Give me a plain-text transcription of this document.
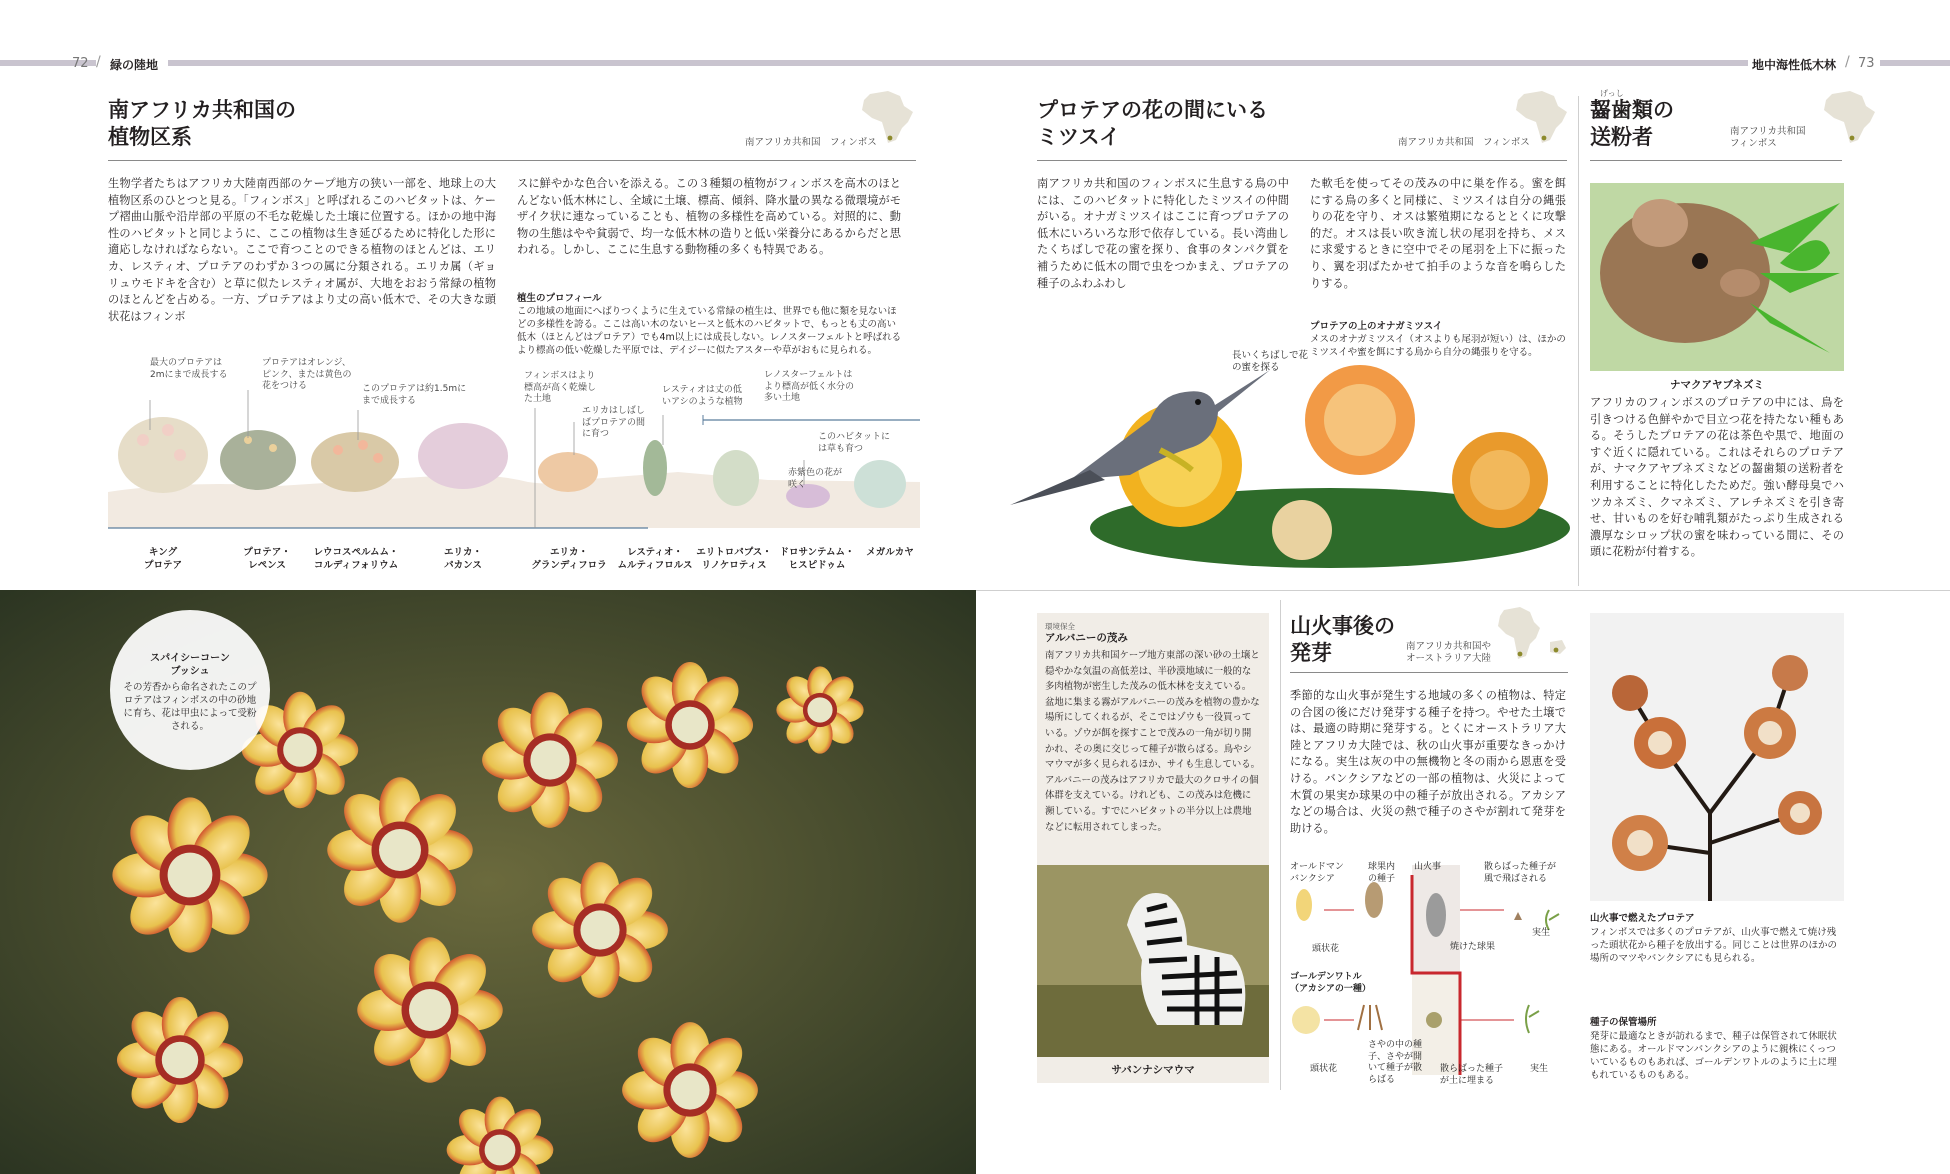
72 / 緑の陸地	地中海性低木林 / 73
南アフリカ共和国の
植物区系	南アフリカ共和国　フィンボス
生物学者たちはアフリカ大陸南西部のケープ地方の狭い一部を、地球上の大植物区系のひとつと見る。「フィンボス」と呼ばれるこのハビタットは、ケープ褶曲山脈や沿岸部の平原の不毛な乾燥した土壌に位置する。ほかの地中海性のハビタットと同じように、ここの植物は生き延びるために特化した形に適応しなければならない。ここで育つことのできる植物のほとんどは、エリカ、レスティオ、プロテアのわずか３つの属に分類される。エリカ属（ギョリュウモドキを含む）と草に似たレスティオ属が、大地をおおう常緑の植物のほとんどを占める。一方、プロテアはより丈の高い低木で、その大きな頭状花はフィンボ
スに鮮やかな色合いを添える。この３種類の植物がフィンボスを高木のほとんどない低木林にし、全域に土壌、標高、傾斜、降水量の異なる微環境がモザイク状に連なっていることも、植物の多様性を高めている。対照的に、動物の生態はやや貧弱で、均一な低木林の造りと低い栄養分にあるからだと思われる。しかし、ここに生息する動物種の多くも特異である。
植生のプロフィール
この地域の地面にへばりつくように生えている常緑の植生は、世界でも他に類を見ないほどの多様性を誇る。ここは高い木のないヒースと低木のハビタットで、もっとも丈の高い低木（ほとんどはプロテア）でも4m以上には成長しない。レノスターフェルトと呼ばれるより標高の低い乾燥した平原では、デイジーに似たアスターや草がおもに見られる。
最大のプロテアは2mにまで成長する
プロテアはオレンジ、ピンク、または黄色の花をつける	このプロテアは約1.5mにまで成長する
フィンボスはより標高が高く乾燥した土地
エリカはしばしばプロテアの間に育つ
レスティオは丈の低いアシのような植物
レノスターフェルトはより標高が低く水分の多い土地
このハビタットには草も育つ
赤紫色の花が咲く
キング
プロテア
プロテア・
レペンス
レウコスペルムム・
コルディフォリウム
エリカ・
パカンス
エリカ・
グランディフロラ
レスティオ・
ムルティフロルス
エリトロパプス・
リノケロティス
ドロサンテムム・
ヒスピドゥム
メガルカヤ
スパイシーコーン
ブッシュ
その芳香から命名されたこのプロテアはフィンボスの中の砂地に育ち、花は甲虫によって受粉される。
プロテアの花の間にいる
ミツスイ	南アフリカ共和国　フィンボス
南アフリカ共和国のフィンボスに生息する鳥の中には、このハビタットに特化したミツスイの仲間がいる。オナガミツスイはここに育つプロテアの低木にいろいろな形で依存している。長い湾曲したくちばしで花の蜜を探り、食事のタンパク質を補うために低木の間で虫をつかまえ、プロテアの種子のふわふわし
た軟毛を使ってその茂みの中に巣を作る。蜜を餌にする鳥の多くと同様に、ミツスイは自分の縄張りの花を守り、オスは繁殖期になるととくに攻撃的だ。オスは長い吹き流し状の尾羽を持ち、メスに求愛するときに空中でその尾羽を上下に振ったり、翼を羽ばたかせて拍手のような音を鳴らしたりする。
長いくちばしで花の蜜を探る
プロテアの上のオナガミツスイ
メスのオナガミツスイ（オスよりも尾羽が短い）は、ほかのミツスイや蜜を餌にする鳥から自分の縄張りを守る。
げっし
齧歯類の
送粉者	南アフリカ共和国
フィンボス
ナマクアヤブネズミ
アフリカのフィンボスのプロテアの中には、鳥を引きつける色鮮やかで目立つ花を持たない種もある。そうしたプロテアの花は茶色や黒で、地面のすぐ近くに隠れている。これはそれらのプロテアが、ナマクアヤブネズミなどの齧歯類の送粉者を利用することに特化したためだ。強い酵母臭でハツカネズミ、クマネズミ、アレチネズミを引き寄せ、甘いものを好む哺乳類がたっぷり生成される濃厚なシロップ状の蜜を味わっている間に、その頭に花粉が付着する。
環境保全
アルバニーの茂み
南アフリカ共和国ケープ地方東部の深い砂の土壌と穏やかな気温の高低差は、半砂漠地域に一般的な多肉植物が密生した茂みの低木林を支えている。盆地に集まる霧がアルバニーの茂みを植物の豊かな場所にしてくれるが、そこではゾウも一役買っている。ゾウが餌を探すことで茂みの一角が切り開かれ、その奥に交じって種子が散らばる。鳥やシマウマが多く見られるほか、サイも生息している。アルバニーの茂みはアフリカで最大のクロサイの個体群を支えている。けれども、この茂みは危機に瀕している。すでにハビタットの半分以上は農地などに転用されてしまった。
サバンナシマウマ
山火事後の
発芽	南アフリカ共和国や
オーストラリア大陸
季節的な山火事が発生する地域の多くの植物は、特定の合図の後にだけ発芽する種子を持つ。やせた土壌では、最適の時期に発芽する。とくにオーストラリア大陸とアフリカ大陸では、秋の山火事が重要なきっかけになる。実生は灰の中の無機物と冬の雨から恩恵を受ける。バンクシアなどの一部の植物は、火災によって木質の果実か球果の中の種子が放出される。アカシアなどの場合は、火災の熱で種子のさやが割れて発芽を助ける。
オールドマン
バンクシア
球果内
の種子
山火事	散らばった種子が
風で飛ばされる
実生
焼けた球果
頭状花
ゴールデンワトル
（アカシアの一種）
さやの中の種
子、さやが開
いて種子が散
らばる
散らばった種子
が土に埋まる
頭状花	実生
山火事で燃えたプロテア
フィンボスでは多くのプロテアが、山火事で燃えて焼け残った頭状花から種子を放出する。同じことは世界のほかの場所のマツやバンクシアにも見られる。
種子の保管場所
発芽に最適なときが訪れるまで、種子は保管されて休眠状態にある。オールドマンバンクシアのように親株にくっついているものもあれば、ゴールデンワトルのように土に埋もれているものもある。
